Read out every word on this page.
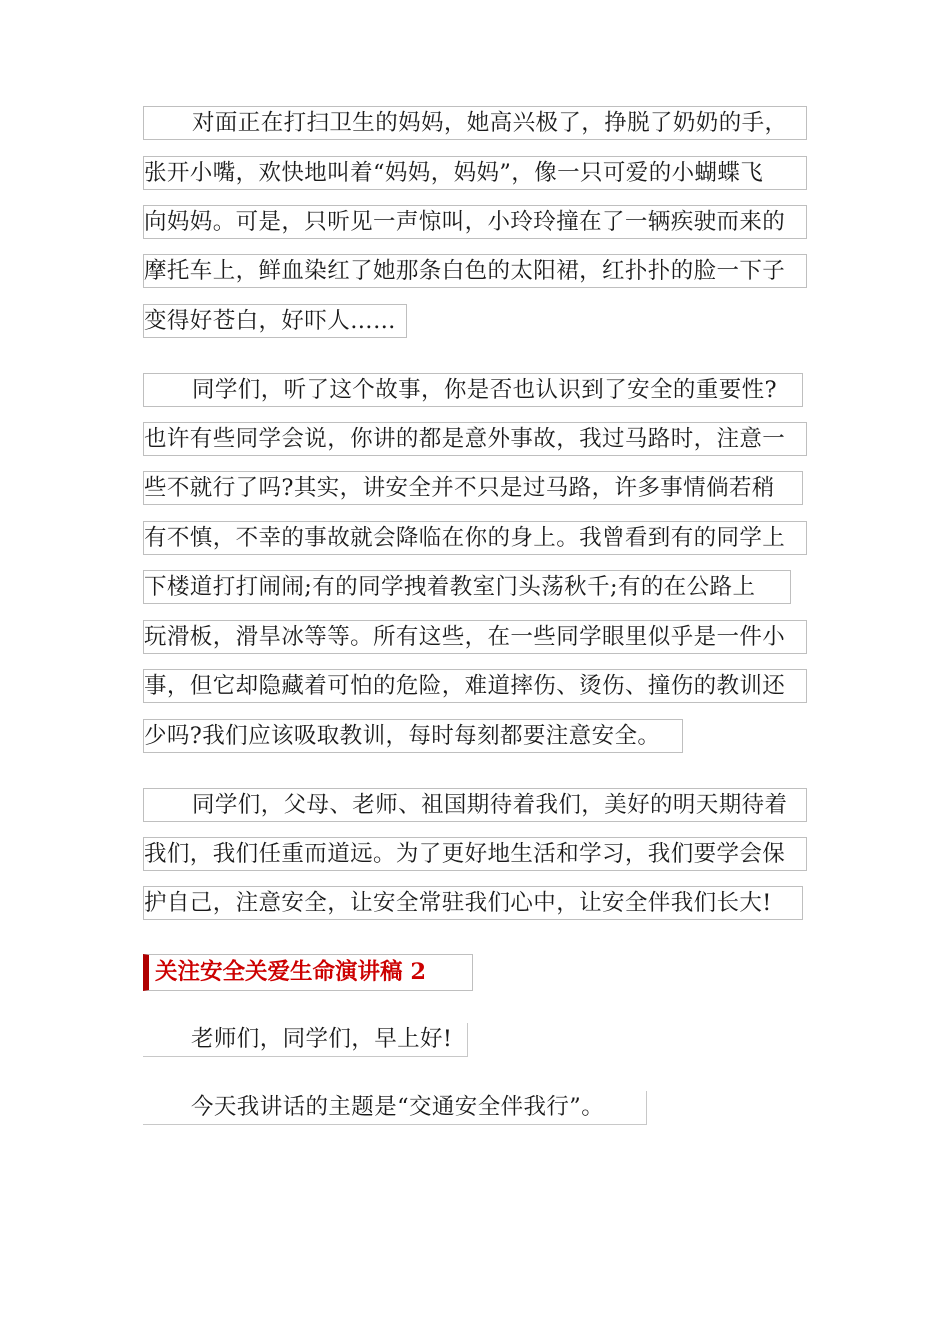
对面正在打扫卫生的妈妈，她高兴极了，挣脱了奶奶的手，
张开小嘴，欢快地叫着“妈妈，妈妈”，像一只可爱的小蝴蝶飞
向妈妈。可是，只听见一声惊叫，小玲玲撞在了一辆疾驶而来的
摩托车上，鲜血染红了她那条白色的太阳裙，红扑扑的脸一下子
变得好苍白，好吓人……
同学们，听了这个故事，你是否也认识到了安全的重要性?
也许有些同学会说，你讲的都是意外事故，我过马路时，注意一
些不就行了吗?其实，讲安全并不只是过马路，许多事情倘若稍
有不慎，不幸的事故就会降临在你的身上。我曾看到有的同学上
下楼道打打闹闹;有的同学拽着教室门头荡秋千;有的在公路上
玩滑板，滑旱冰等等。所有这些，在一些同学眼里似乎是一件小
事，但它却隐藏着可怕的危险，难道摔伤、烫伤、撞伤的教训还
少吗?我们应该吸取教训，每时每刻都要注意安全。
同学们，父母、老师、祖国期待着我们，美好的明天期待着
我们，我们任重而道远。为了更好地生活和学习，我们要学会保
护自己，注意安全，让安全常驻我们心中，让安全伴我们长大!
关注安全关爱生命演讲稿 2
老师们，同学们，早上好!
今天我讲话的主题是“交通安全伴我行”。
